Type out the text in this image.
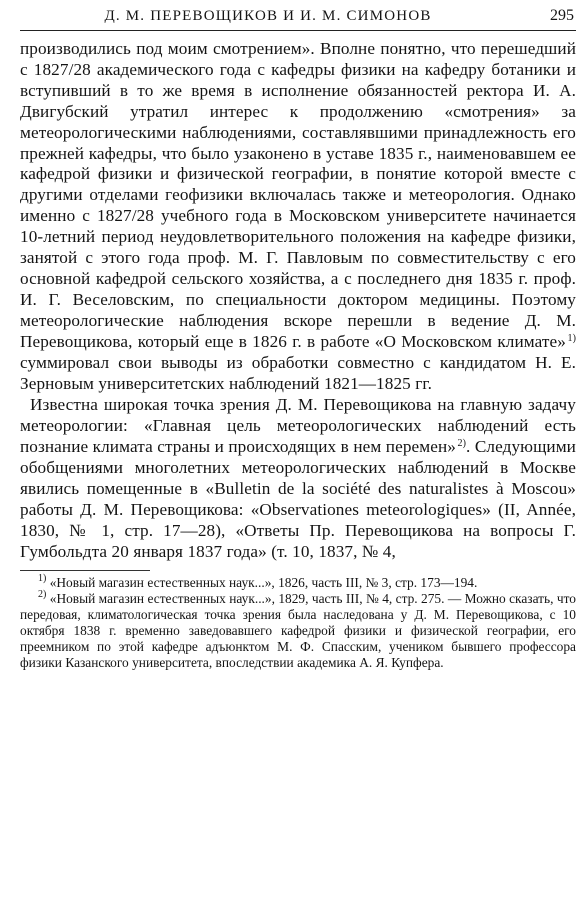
Д. М. ПЕРЕВОЩИКОВ И И. М. СИМОНОВ	295

производились под моим смотрением». Вполне понятно, что перешедший с 1827/28 академического года с кафедры физики на кафедру ботаники и вступивший в то же время в исполнение обязанностей ректора И. А. Двигубский утратил интерес к продолжению «смотрения» за метеорологическими наблюдениями, составлявшими принадлежность его прежней кафедры, что было узаконено в уставе 1835 г., наименовавшем ее кафедрой физики и физической географии, в понятие которой вместе с другими отделами геофизики включалась также и метеорология. Однако именно с 1827/28 учебного года в Московском университете начинается 10-летний период неудовлетворительного положения на кафедре физики, занятой с этого года проф. М. Г. Павловым по совместительству с его основной кафедрой сельского хозяйства, а с последнего дня 1835 г. проф. И. Г. Веселовским, по специальности доктором медицины. Поэтому метеорологические наблюдения вскоре перешли в ведение Д. М. Перевощикова, который еще в 1826 г. в работе «О Московском климате»  $^{1)}$ суммировал свои выводы из обработки совместно с кандидатом Н. Е. Зерновым университетских наблюдений 1821—1825 гг.

Известна широкая точка зрения Д. М. Перевощикова на главную задачу метеорологии: «Главная цель метеорологических наблюдений есть познание климата страны и происходящих в нем перемен»  $^{2)}$. Следующими обобщениями многолетних метеорологических наблюдений в Москве явились помещенные в «Bulletin de la société des naturalistes à Moscou» работы Д. М. Перевощикова: «Observationes meteorologiques» (II, Année, 1830, № 1, стр. 17—28), «Ответы Пр. Перевощикова на вопросы Г. Гумбольдта 20 января 1837 года» (т. 10, 1837, № 4,

$^{1)}$ «Новый магазин естественных наук...», 1826, часть III, № 3, стр. 173—194.

$^{2)}$ «Новый магазин естественных наук...», 1829, часть III, № 4, стр. 275. — Можно сказать, что передовая, климатологическая точка зрения была наследована у Д. М. Перевощикова, с 10 октября 1838 г. временно заведовавшего кафедрой физики и физической географии, его преемником по этой кафедре адъюнктом М. Ф. Спасским, учеником бывшего профессора физики Казанского университета, впоследствии академика А. Я. Купфера.
